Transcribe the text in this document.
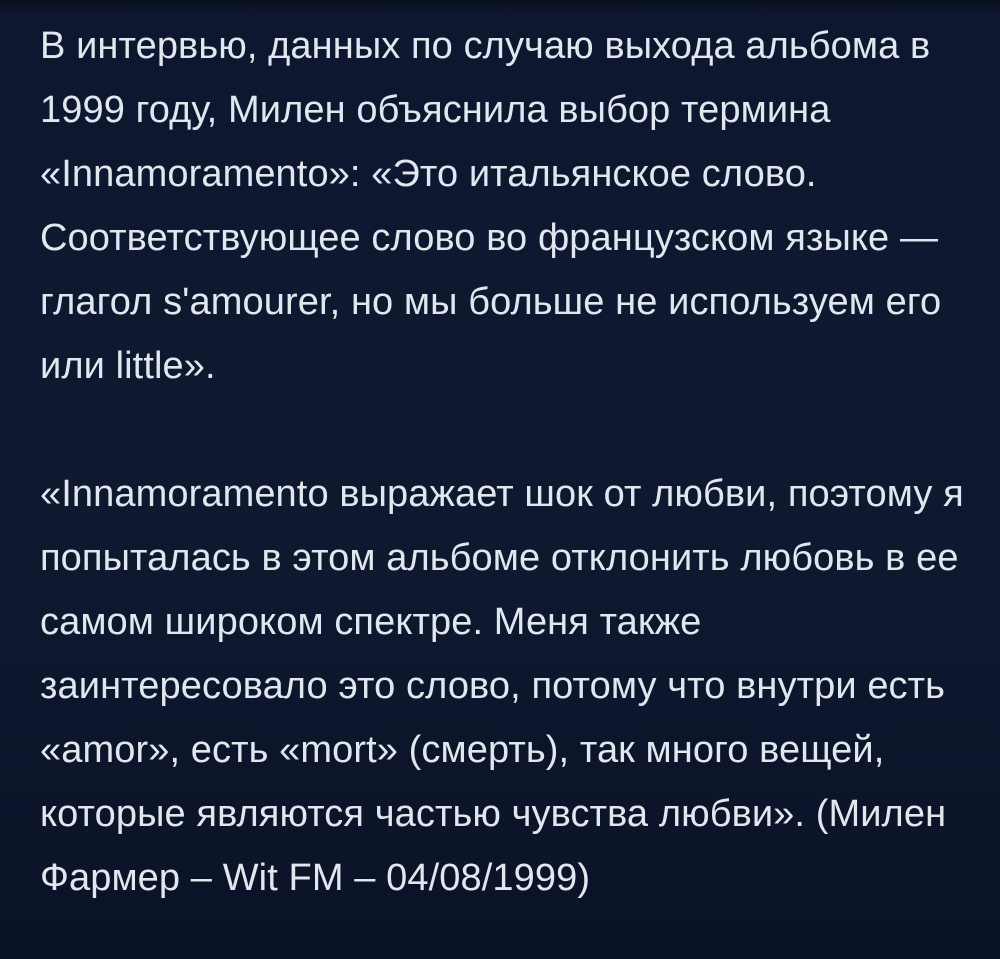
В интервью, данных по случаю выхода альбома в
1999 году, Милен объяснила выбор термина
«Innamoramento»: «Это итальянское слово.
Соответствующее слово во французском языке —
глагол s'amourer, но мы больше не используем его
или little».
«Innamoramento выражает шок от любви, поэтому я
попыталась в этом альбоме отклонить любовь в ее
самом широком спектре. Меня также
заинтересовало это слово, потому что внутри есть
«amor», есть «mort» (смерть), так много вещей,
которые являются частью чувства любви». (Милен
Фармер – Wit FM – 04/08/1999)
